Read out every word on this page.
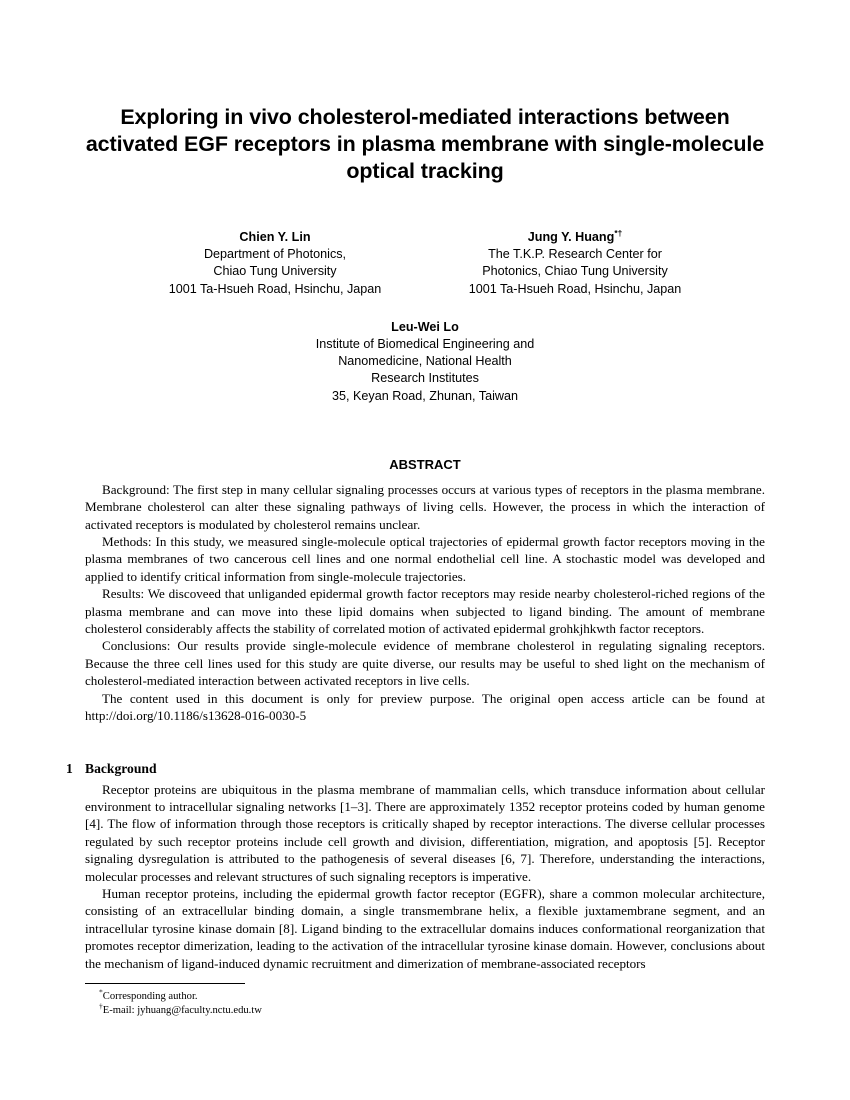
Exploring in vivo cholesterol-mediated interactions between activated EGF receptors in plasma membrane with single-molecule optical tracking
Chien Y. Lin
Department of Photonics,
Chiao Tung University
1001 Ta-Hsueh Road, Hsinchu, Japan
Jung Y. Huang*†
The T.K.P. Research Center for
Photonics, Chiao Tung University
1001 Ta-Hsueh Road, Hsinchu, Japan
Leu-Wei Lo
Institute of Biomedical Engineering and
Nanomedicine, National Health
Research Institutes
35, Keyan Road, Zhunan, Taiwan
ABSTRACT

Background: The first step in many cellular signaling processes occurs at various types of receptors in the plasma membrane. Membrane cholesterol can alter these signaling pathways of living cells. However, the process in which the interaction of activated receptors is modulated by cholesterol remains unclear.

Methods: In this study, we measured single-molecule optical trajectories of epidermal growth factor receptors moving in the plasma membranes of two cancerous cell lines and one normal endothelial cell line. A stochastic model was developed and applied to identify critical information from single-molecule trajectories.

Results: We discoveed that unliganded epidermal growth factor receptors may reside nearby cholesterol-riched regions of the plasma membrane and can move into these lipid domains when subjected to ligand binding. The amount of membrane cholesterol considerably affects the stability of correlated motion of activated epidermal grohkjhkwth factor receptors.

Conclusions: Our results provide single-molecule evidence of membrane cholesterol in regulating signaling receptors. Because the three cell lines used for this study are quite diverse, our results may be useful to shed light on the mechanism of cholesterol-mediated interaction between activated receptors in live cells.

The content used in this document is only for preview purpose. The original open access article can be found at http://doi.org/10.1186/s13628-016-0030-5

1 Background

Receptor proteins are ubiquitous in the plasma membrane of mammalian cells, which transduce information about cellular environment to intracellular signaling networks [1–3]. There are approximately 1352 receptor proteins coded by human genome [4]. The flow of information through those receptors is critically shaped by receptor interactions. The diverse cellular processes regulated by such receptor proteins include cell growth and division, differentiation, migration, and apoptosis [5]. Receptor signaling dysregulation is attributed to the pathogenesis of several diseases [6, 7]. Therefore, understanding the interactions, molecular processes and relevant structures of such signaling receptors is imperative.

Human receptor proteins, including the epidermal growth factor receptor (EGFR), share a common molecular architecture, consisting of an extracellular binding domain, a single transmembrane helix, a flexible juxtamembrane segment, and an intracellular tyrosine kinase domain [8]. Ligand binding to the extracellular domains induces conformational reorganization that promotes receptor dimerization, leading to the activation of the intracellular tyrosine kinase domain. However, conclusions about the mechanism of ligand-induced dynamic recruitment and dimerization of membrane-associated receptors

*Corresponding author.
†E-mail: jyhuang@faculty.nctu.edu.tw
